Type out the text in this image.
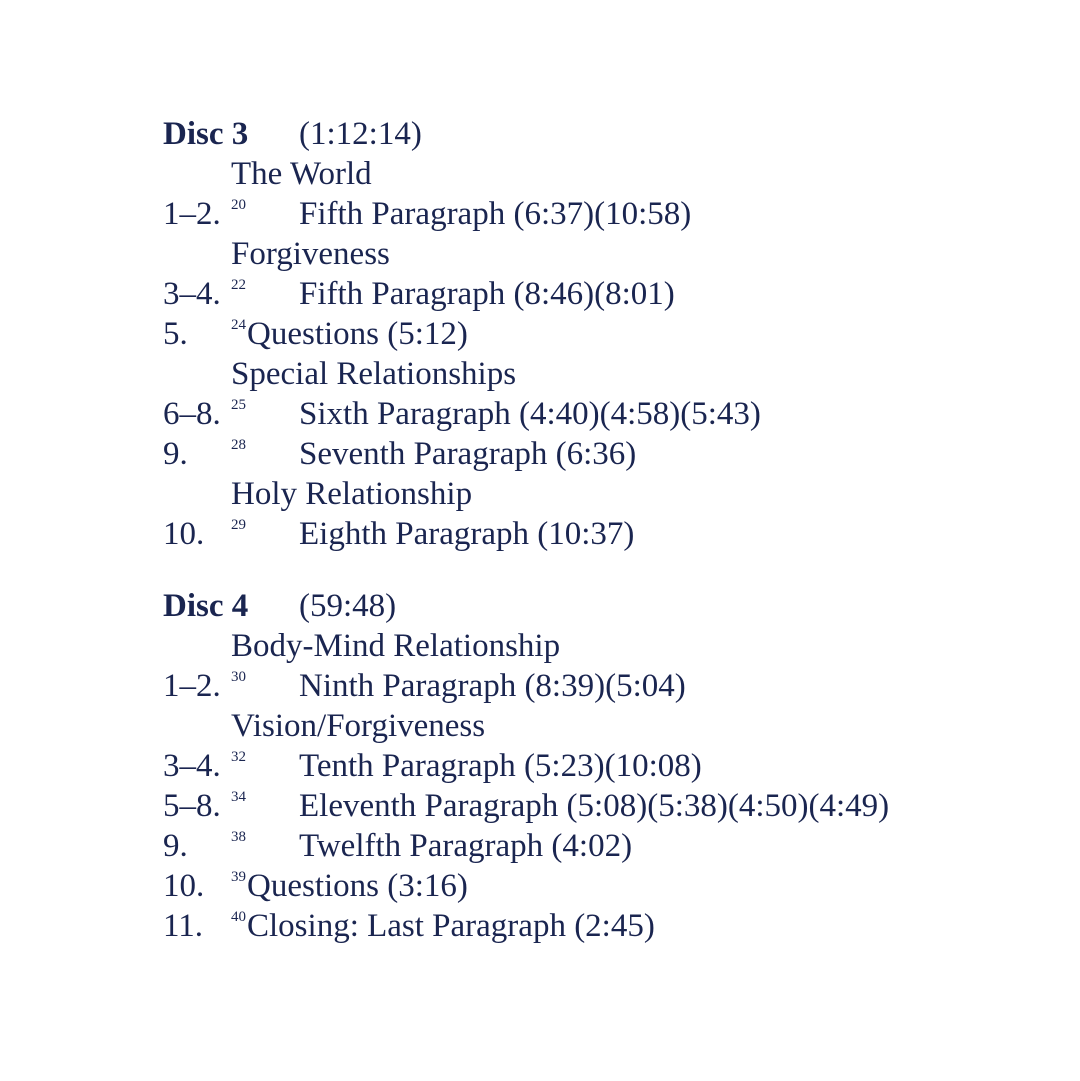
Disc 3 (1:12:14)
The World
1–2. 20 Fifth Paragraph (6:37)(10:58)
Forgiveness
3–4. 22 Fifth Paragraph (8:46)(8:01)
5.	24 Questions (5:12)
Special Relationships
6–8. 25 Sixth Paragraph (4:40)(4:58)(5:43)
9.	28 Seventh Paragraph (6:36)
Holy Relationship
10. 29 Eighth Paragraph (10:37)
Disc 4 (59:48)
Body-Mind Relationship
1–2. 30 Ninth Paragraph (8:39)(5:04)
Vision/Forgiveness
3–4. 32 Tenth Paragraph (5:23)(10:08)
5–8. 34 Eleventh Paragraph (5:08)(5:38)(4:50)(4:49)
9.	38 Twelfth Paragraph (4:02)
10. 39 Questions (3:16)
11. 40 Closing: Last Paragraph (2:45)
